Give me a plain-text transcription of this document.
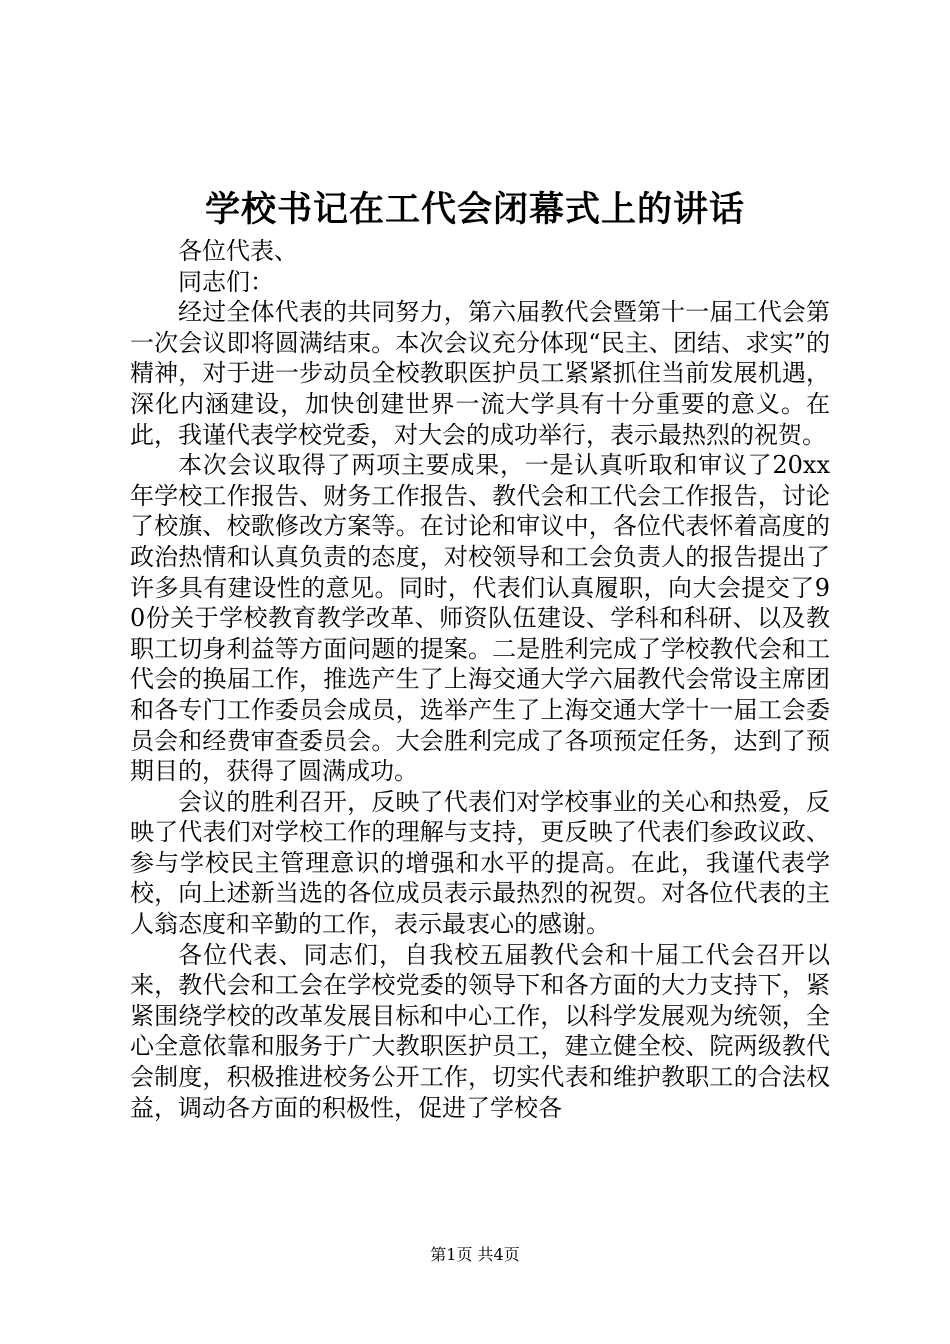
学校书记在工代会闭幕式上的讲话

各位代表、

同志们：

经过全体代表的共同努力，第六届教代会暨第十一届工代会第一次会议即将圆满结束。本次会议充分体现“民主、团结、求实”的精神，对于进一步动员全校教职医护员工紧紧抓住当前发展机遇，深化内涵建设，加快创建世界一流大学具有十分重要的意义。在此，我谨代表学校党委，对大会的成功举行，表示最热烈的祝贺。

本次会议取得了两项主要成果，一是认真听取和审议了20xx年学校工作报告、财务工作报告、教代会和工代会工作报告，讨论了校旗、校歌修改方案等。在讨论和审议中，各位代表怀着高度的政治热情和认真负责的态度，对校领导和工会负责人的报告提出了许多具有建设性的意见。同时，代表们认真履职，向大会提交了90份关于学校教育教学改革、师资队伍建设、学科和科研、以及教职工切身利益等方面问题的提案。二是胜利完成了学校教代会和工代会的换届工作，推选产生了上海交通大学六届教代会常设主席团和各专门工作委员会成员，选举产生了上海交通大学十一届工会委员会和经费审查委员会。大会胜利完成了各项预定任务，达到了预期目的，获得了圆满成功。

会议的胜利召开，反映了代表们对学校事业的关心和热爱，反映了代表们对学校工作的理解与支持，更反映了代表们参政议政、参与学校民主管理意识的增强和水平的提高。在此，我谨代表学校，向上述新当选的各位成员表示最热烈的祝贺。对各位代表的主人翁态度和辛勤的工作，表示最衷心的感谢。

各位代表、同志们，自我校五届教代会和十届工代会召开以来，教代会和工会在学校党委的领导下和各方面的大力支持下，紧紧围绕学校的改革发展目标和中心工作，以科学发展观为统领，全心全意依靠和服务于广大教职医护员工，建立健全校、院两级教代会制度，积极推进校务公开工作，切实代表和维护教职工的合法权益，调动各方面的积极性，促进了学校各

第1页 共4页
